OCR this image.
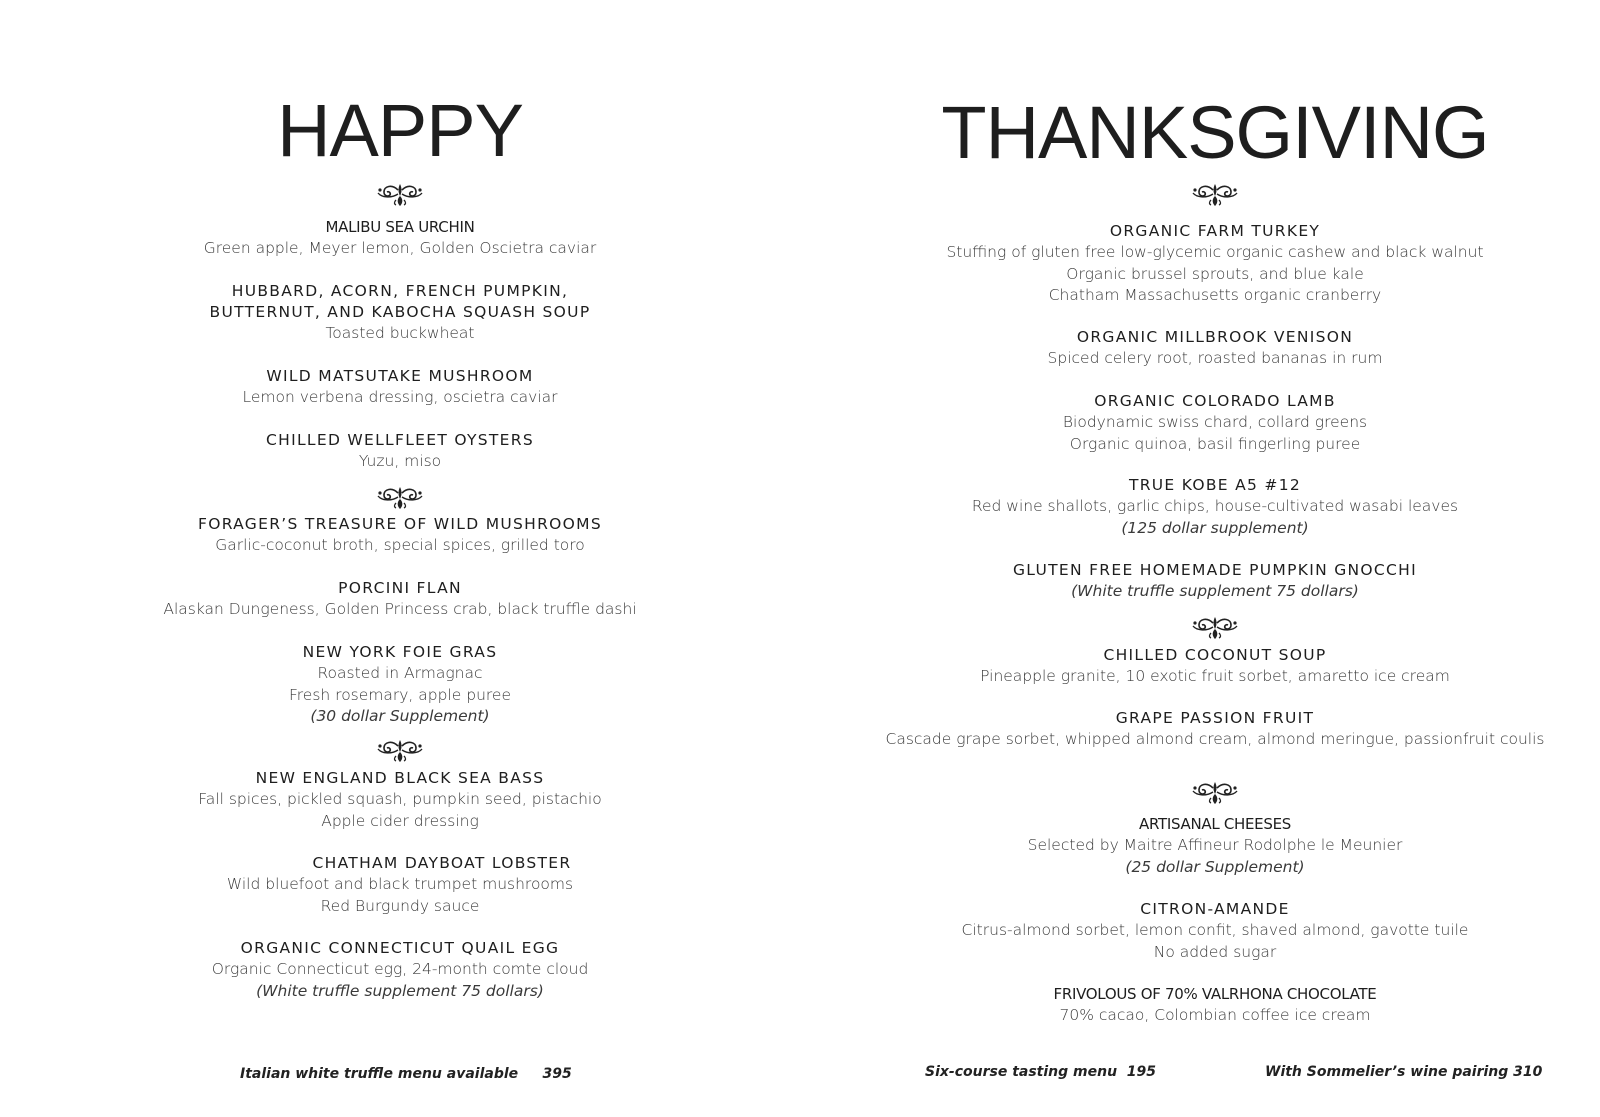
HAPPY
MALIBU SEA URCHIN
Green apple, Meyer lemon, Golden Oscietra caviar
HUBBARD, ACORN, FRENCH PUMPKIN,
BUTTERNUT, AND KABOCHA SQUASH SOUP
Toasted buckwheat
WILD MATSUTAKE MUSHROOM
Lemon verbena dressing, oscietra caviar
CHILLED WELLFLEET OYSTERS
Yuzu, miso
FORAGER’S TREASURE OF WILD MUSHROOMS
Garlic-coconut broth, special spices, grilled toro
PORCINI FLAN
Alaskan Dungeness, Golden Princess crab, black truffle dashi
NEW YORK FOIE GRAS
Roasted in Armagnac
Fresh rosemary, apple puree
(30 dollar Supplement)
NEW ENGLAND BLACK SEA BASS
Fall spices, pickled squash, pumpkin seed, pistachio
Apple cider dressing
CHATHAM DAYBOAT LOBSTER
Wild bluefoot and black trumpet mushrooms
Red Burgundy sauce
ORGANIC CONNECTICUT QUAIL EGG
Organic Connecticut egg, 24-month comte cloud
(White truffle supplement 75 dollars)
Italian white truffle menu available     395
THANKSGIVING
ORGANIC FARM TURKEY
Stuffing of gluten free low-glycemic organic cashew and black walnut
Organic brussel sprouts, and blue kale
Chatham Massachusetts organic cranberry
ORGANIC MILLBROOK VENISON
Spiced celery root, roasted bananas in rum
ORGANIC COLORADO LAMB
Biodynamic swiss chard, collard greens
Organic quinoa, basil fingerling puree
TRUE KOBE A5 #12
Red wine shallots, garlic chips, house-cultivated wasabi leaves
(125 dollar supplement)
GLUTEN FREE HOMEMADE PUMPKIN GNOCCHI
(White truffle supplement 75 dollars)
CHILLED COCONUT SOUP
Pineapple granite, 10 exotic fruit sorbet, amaretto ice cream
GRAPE PASSION FRUIT
Cascade grape sorbet, whipped almond cream, almond meringue, passionfruit coulis
ARTISANAL CHEESES
Selected by Maitre Affineur Rodolphe le Meunier
(25 dollar Supplement)
CITRON-AMANDE
Citrus-almond sorbet, lemon confit, shaved almond, gavotte tuile
No added sugar
FRIVOLOUS OF 70% VALRHONA CHOCOLATE
70% cacao, Colombian coffee ice cream
Six-course tasting menu  195	With Sommelier’s wine pairing 310
